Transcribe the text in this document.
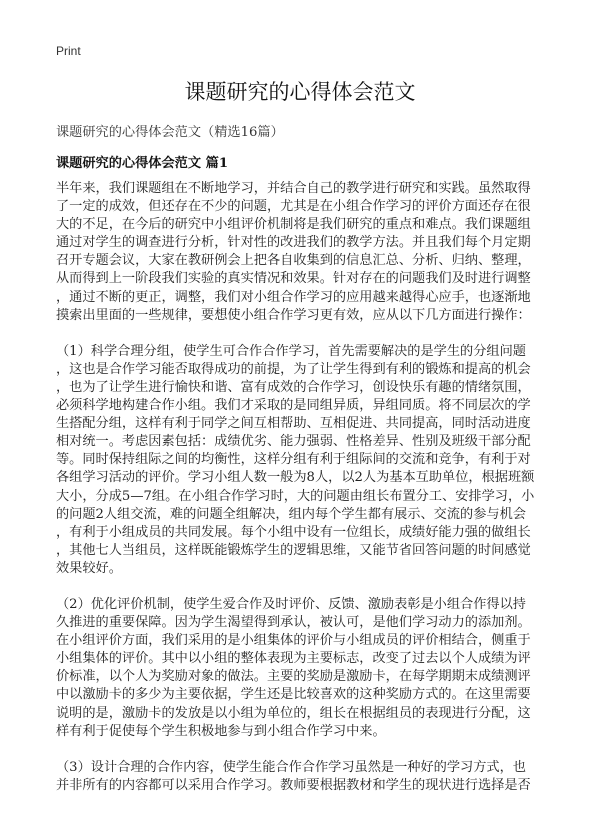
Print
课题研究的心得体会范文
课题研究的心得体会范文（精选16篇）
课题研究的心得体会范文 篇1

半年来，我们课题组在不断地学习，并结合自己的教学进行研究和实践。虽然取得
了一定的成效，但还存在不少的问题，尤其是在小组合作学习的评价方面还存在很
大的不足，在今后的研究中小组评价机制将是我们研究的重点和难点。我们课题组
通过对学生的调查进行分析，针对性的改进我们的教学方法。并且我们每个月定期
召开专题会议，大家在教研例会上把各自收集到的信息汇总、分析、归纳、整理，
从而得到上一阶段我们实验的真实情况和效果。针对存在的问题我们及时进行调整
，通过不断的更正，调整，我们对小组合作学习的应用越来越得心应手，也逐渐地
摸索出里面的一些规律，要想使小组合作学习更有效，应从以下几方面进行操作：

（1）科学合理分组，使学生可合作合作学习，首先需要解决的是学生的分组问题
，这也是合作学习能否取得成功的前提，为了让学生得到有利的锻炼和提高的机会
，也为了让学生进行愉快和谐、富有成效的合作学习，创设快乐有趣的情绪氛围，
必须科学地构建合作小组。我们才采取的是同组异质，异组同质。将不同层次的学
生搭配分组，这样有利于同学之间互相帮助、互相促进、共同提高，同时活动进度
相对统一。考虑因素包括：成绩优劣、能力强弱、性格差异、性别及班级干部分配
等。同时保持组际之间的均衡性，这样分组有利于组际间的交流和竞争，有利于对
各组学习活动的评价。学习小组人数一般为8人，以2人为基本互助单位，根据班额
大小，分成5—7组。在小组合作学习时，大的问题由组长布置分工、安排学习，小
的问题2人组交流，难的问题全组解决，组内每个学生都有展示、交流的参与机会
，有利于小组成员的共同发展。每个小组中设有一位组长，成绩好能力强的做组长
，其他七人当组员，这样既能锻炼学生的逻辑思维，又能节省回答问题的时间感觉
效果较好。

（2）优化评价机制，使学生爱合作及时评价、反馈、激励表彰是小组合作得以持
久推进的重要保障。因为学生渴望得到承认，被认可，是他们学习动力的添加剂。
在小组评价方面，我们采用的是小组集体的评价与小组成员的评价相结合，侧重于
小组集体的评价。其中以小组的整体表现为主要标志，改变了过去以个人成绩为评
价标准，以个人为奖励对象的做法。主要的奖励是激励卡，在每学期期末成绩测评
中以激励卡的多少为主要依据，学生还是比较喜欢的这种奖励方式的。在这里需要
说明的是，激励卡的发放是以小组为单位的，组长在根据组员的表现进行分配，这
样有利于促使每个学生积极地参与到小组合作学习中来。

（3）设计合理的合作内容，使学生能合作合作学习虽然是一种好的学习方式，也
并非所有的内容都可以采用合作学习。教师要根据教材和学生的现状进行选择是否
